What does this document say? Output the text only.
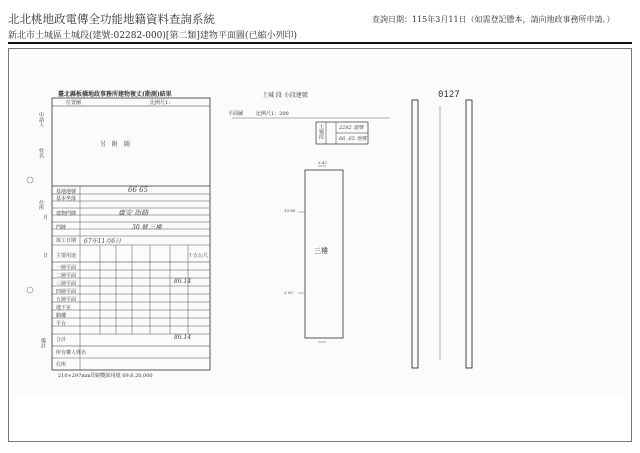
北北桃地政電傳全功能地籍資料查詢系統
新北市土城區土城段(建號:02282-000)[第二類]建物平面圖(已縮小列印)
查詢日期：115年3月11日（如需登記謄本，請向地政事務所申請。）
臺北縣板橋地政事務所建物複丈(勘測)結果
位置圖	比例尺1：
申請人
姓名
住所
月
日
另 附 圖
基地地號	66 65
基本坐落
建物門牌	廣安 街路
門牌	30 號 三樓
竣工日期 67年11月6日
主要用途	十五公尺
一層平面
二層平面
三層平面	86.14
四層平面
五層平面
地下室
騎樓
平台
合計	86.14
所有權人姓名
住所
備註
210×297mm印刷雙面用紙 69.6.20,000
土城 段 小段建號	0127
平面圖	比例尺1：200
土城段	2282 建號
66, 65 地號
三樓
10.80
3.92
3.42
